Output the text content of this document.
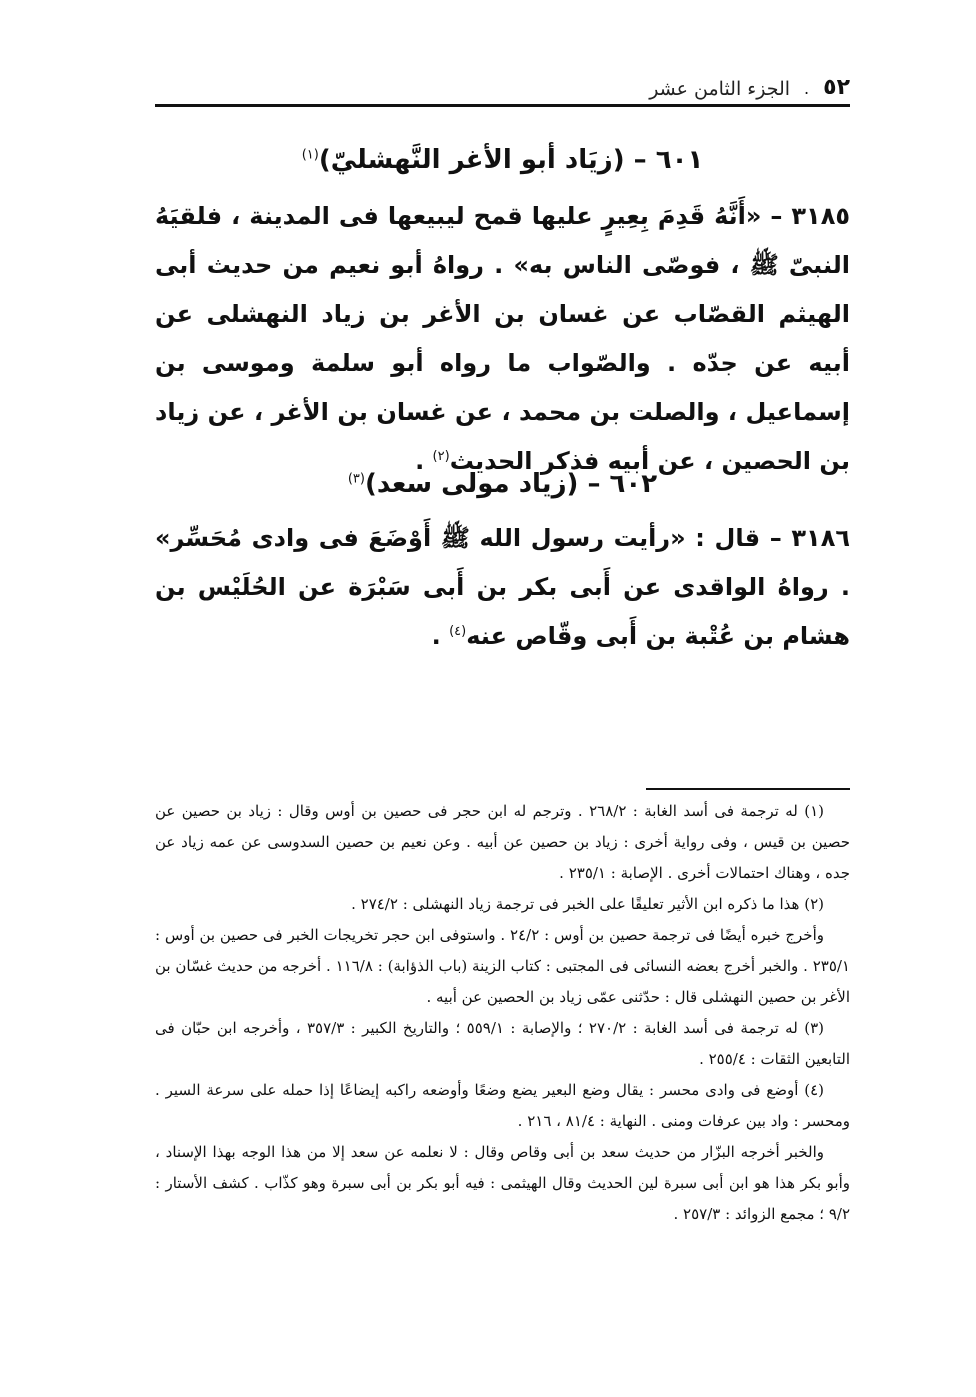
٥٢
.
الجزء الثامن عشر

٦٠١ – (زيَاد أبو الأغر النَّهشليّ)$^{(١)}$

٣١٨٥ – «أَنَّهُ قَدِمَ بِعِيرٍ عليها قمح ليبيعها فى المدينة ، فلقيَهُ النبىّ ﷺ ، فوصّى الناس به» . رواهُ أبو نعيم من حديث أبى الهيثم القصّاب عن غسان بن الأغر بن زياد النهشلى عن أبيه عن جدّه . والصّواب ما رواه أبو سلمة وموسى بن إسماعيل ، والصلت بن محمد ، عن غسان بن الأغر ، عن زياد بن الحصين ، عن أبيه فذكر الحديث$^{(٢)}$ .

٦٠٢ – (زياد مولى سعد)$^{(٣)}$

٣١٨٦ – قال : «رأيت رسول الله ﷺ أَوْضَعَ فى وادى مُحَسِّر» . رواهُ الواقدى عن أَبى بكر بن أَبى سَبْرَة عن الحُلَيْس بن هشام بن عُتْبة بن أَبى وقّاص عنه$^{(٤)}$ .

(١) له ترجمة فى أسد الغابة : ٢٦٨/٢ . وترجم له ابن حجر فى حصين بن أوس وقال : زياد بن حصين عن حصين بن قيس ، وفى رواية أخرى : زياد بن حصين عن أبيه . وعن نعيم بن حصين السدوسى عن عمه زياد عن جده ، وهناك احتمالات أخرى . الإصابة : ٢٣٥/١ .

(٢) هذا ما ذكره ابن الأثير تعليقًا على الخبر فى ترجمة زياد النهشلى : ٢٧٤/٢ .

وأخرج خبره أيضًا فى ترجمة حصين بن أوس : ٢٤/٢ . واستوفى ابن حجر تخريجات الخبر فى حصين بن أوس : ٢٣٥/١ . والخبر أخرج بعضه النسائى فى المجتبى : كتاب الزينة (باب الذؤابة) : ١١٦/٨ . أخرجه من حديث غسّان بن الأغر بن حصين النهشلى قال : حدّثنى عمّى زياد بن الحصين عن أبيه .

(٣) له ترجمة فى أسد الغابة : ٢٧٠/٢ ؛ والإصابة : ٥٥٩/١ ؛ والتاريخ الكبير : ٣٥٧/٣ ، وأخرجه ابن حبّان فى التابعين الثقات : ٢٥٥/٤ .

(٤) أوضع فى وادى محسر : يقال وضع البعير يضع وضعًا وأوضعه راكبه إيضاعًا إذا حمله على سرعة السير . ومحسر : واد بين عرفات ومنى . النهاية : ٨١/٤ ، ٢١٦ .

والخبر أخرجه البزّار من حديث سعد بن أبى وقاص وقال : لا نعلمه عن سعد إلا من هذا الوجه بهذا الإسناد ، وأبو بكر هذا هو ابن أبى سبرة لين الحديث وقال الهيثمى : فيه أبو بكر بن أبى سبرة وهو كذّاب . كشف الأستار : ٩/٢ ؛ مجمع الزوائد : ٢٥٧/٣ .
